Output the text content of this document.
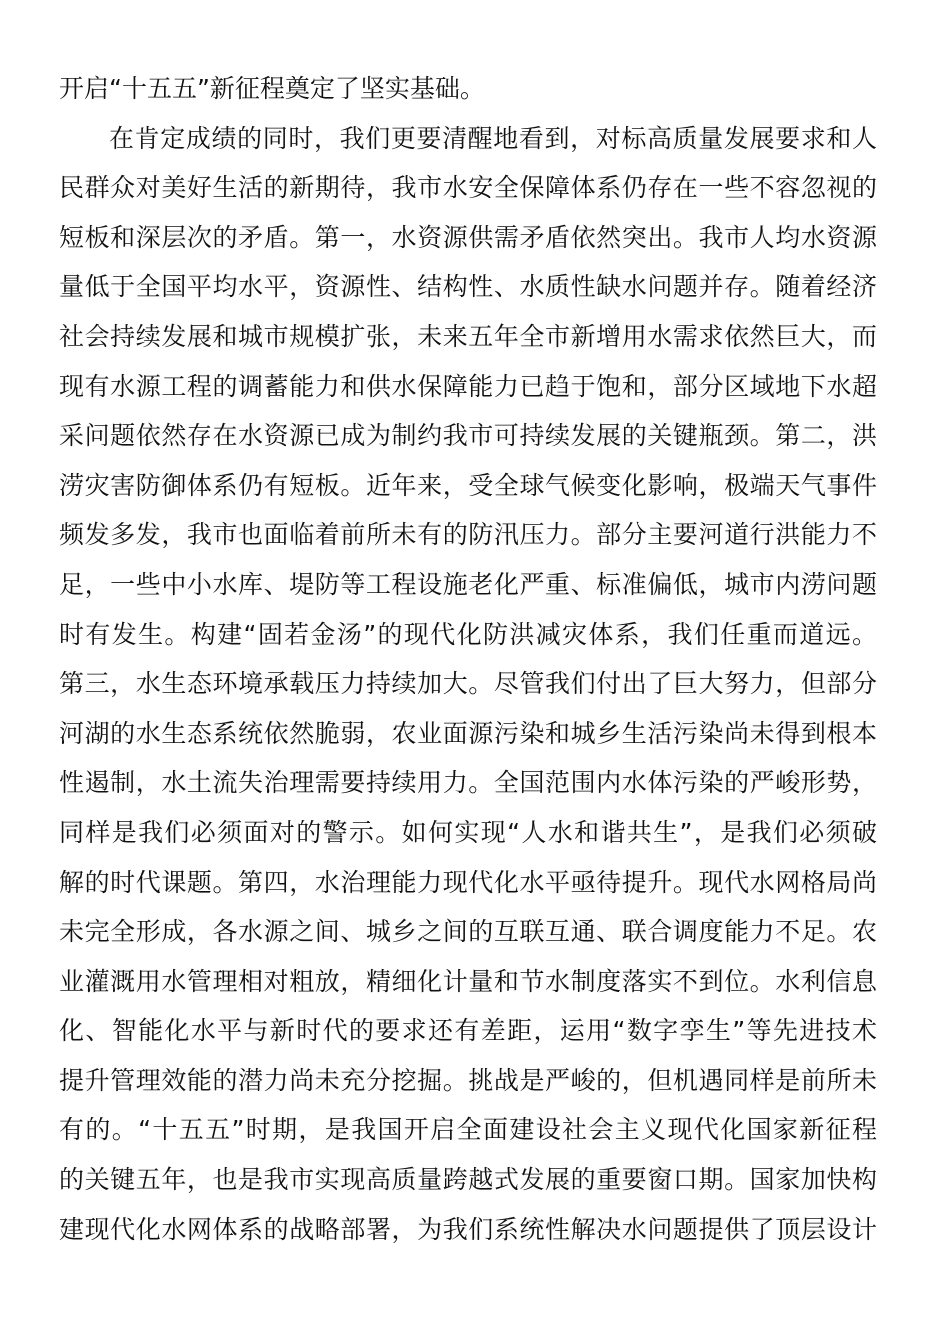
开启“十五五”新征程奠定了坚实基础。
在肯定成绩的同时，我们更要清醒地看到，对标高质量发展要求和人
民群众对美好生活的新期待，我市水安全保障体系仍存在一些不容忽视的
短板和深层次的矛盾。第一，水资源供需矛盾依然突出。我市人均水资源
量低于全国平均水平，资源性、结构性、水质性缺水问题并存。随着经济
社会持续发展和城市规模扩张，未来五年全市新增用水需求依然巨大，而
现有水源工程的调蓄能力和供水保障能力已趋于饱和，部分区域地下水超
采问题依然存在水资源已成为制约我市可持续发展的关键瓶颈。第二，洪
涝灾害防御体系仍有短板。近年来，受全球气候变化影响，极端天气事件
频发多发，我市也面临着前所未有的防汛压力。部分主要河道行洪能力不
足，一些中小水库、堤防等工程设施老化严重、标准偏低，城市内涝问题
时有发生。构建“固若金汤”的现代化防洪减灾体系，我们任重而道远。
第三，水生态环境承载压力持续加大。尽管我们付出了巨大努力，但部分
河湖的水生态系统依然脆弱，农业面源污染和城乡生活污染尚未得到根本
性遏制，水土流失治理需要持续用力。全国范围内水体污染的严峻形势，
同样是我们必须面对的警示。如何实现“人水和谐共生”，是我们必须破
解的时代课题。第四，水治理能力现代化水平亟待提升。现代水网格局尚
未完全形成，各水源之间、城乡之间的互联互通、联合调度能力不足。农
业灌溉用水管理相对粗放，精细化计量和节水制度落实不到位。水利信息
化、智能化水平与新时代的要求还有差距，运用“数字孪生”等先进技术
提升管理效能的潜力尚未充分挖掘。挑战是严峻的，但机遇同样是前所未
有的。“十五五”时期，是我国开启全面建设社会主义现代化国家新征程
的关键五年，也是我市实现高质量跨越式发展的重要窗口期。国家加快构
建现代化水网体系的战略部署，为我们系统性解决水问题提供了顶层设计
